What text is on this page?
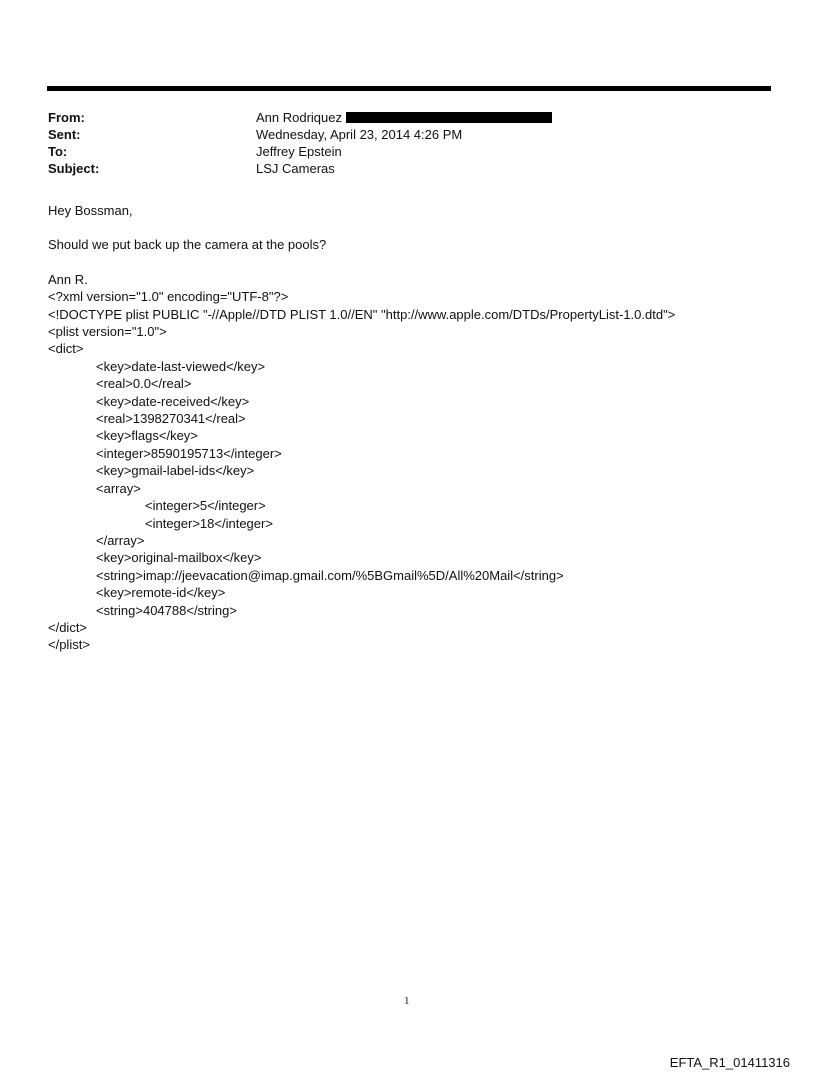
From:	Ann Rodriquez
Sent:	Wednesday, April 23, 2014 4:26 PM
To:	Jeffrey Epstein
Subject:	LSJ Cameras
Hey Bossman,
Should we put back up the camera at the pools?
Ann R.
<?xml version="1.0" encoding="UTF-8"?>
<!DOCTYPE plist PUBLIC "-//Apple//DTD PLIST 1.0//EN" "http://www.apple.com/DTDs/PropertyList-1.0.dtd">
<plist version="1.0">
<dict>
<key>date-last-viewed</key>
<real>0.0</real>
<key>date-received</key>
<real>1398270341</real>
<key>flags</key>
<integer>8590195713</integer>
<key>gmail-label-ids</key>
<array>
<integer>5</integer>
<integer>18</integer>
</array>
<key>original-mailbox</key>
<string>imap://jeevacation@imap.gmail.com/%5BGmail%5D/All%20Mail</string>
<key>remote-id</key>
<string>404788</string>
</dict>
</plist>
1
EFTA_R1_01411316
